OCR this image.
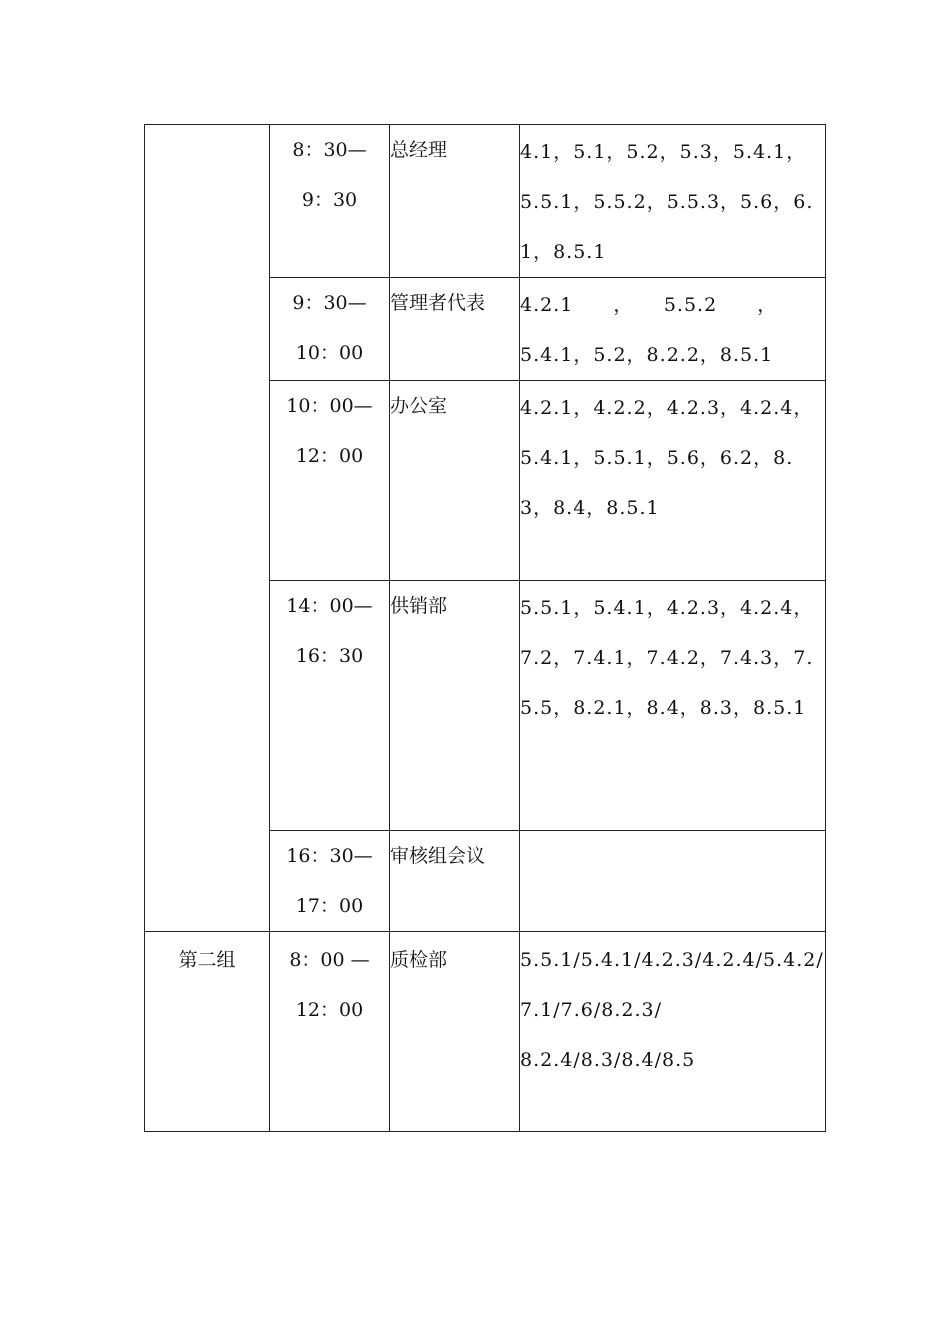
	8：30—
9：30	总经理	4.1，5.1，5.2，5.3，5.4.1，5.5.1，5.5.2，5.5.3，5.6，6.1，8.5.1

	9：30—
10：00	管理者代表	4.2.1　　，　　5.5.2　　，
5.4.1，5.2，8.2.2，8.5.1

	10：00—
12：00	办公室	4.2.1，4.2.2，4.2.3，4.2.4，5.4.1，5.5.1，5.6，6.2，8.3，8.4，8.5.1

	14：00—
16：30	供销部	5.5.1，5.4.1，4.2.3，4.2.4，7.2，7.4.1，7.4.2，7.4.3，7.5.5，8.2.1，8.4，8.3，8.5.1

	16：30—
17：00	审核组会议	

第二组	8：00 —
12：00	质检部	5.5.1/5.4.1/4.2.3/4.2.4/5.4.2/
7.1/7.6/8.2.3/
8.2.4/8.3/8.4/8.5
